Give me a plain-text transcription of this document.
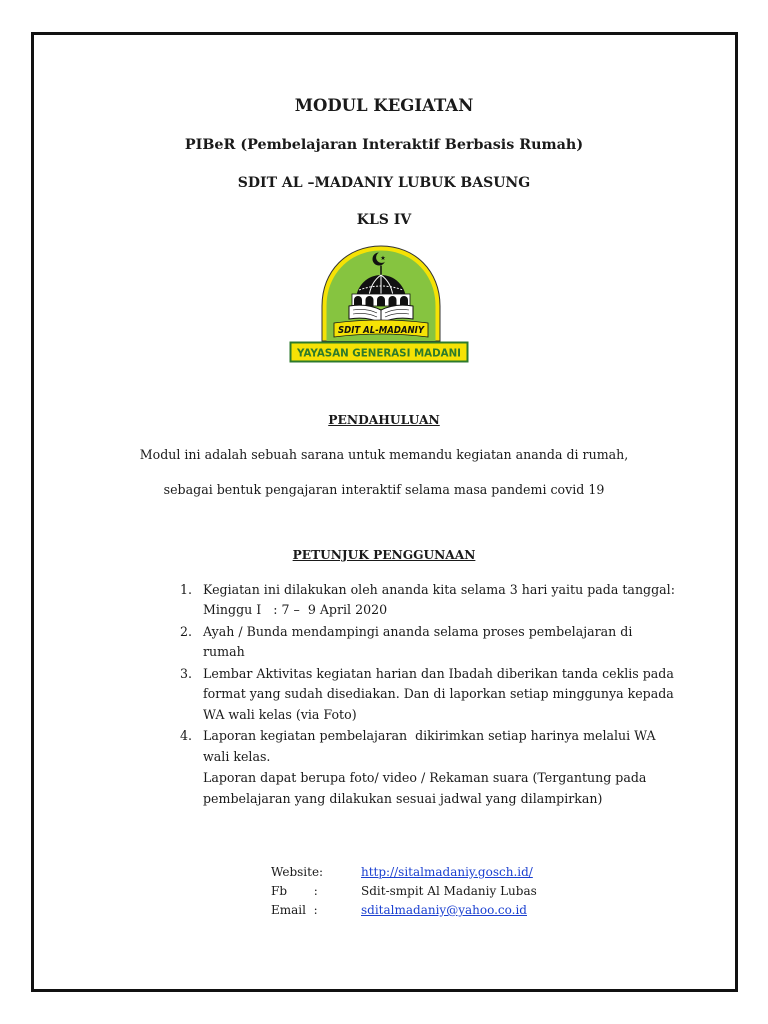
MODUL KEGIATAN
PIBeR (Pembelajaran Interaktif Berbasis Rumah)
SDIT AL –MADANIY LUBUK BASUNG
KLS IV
SDIT AL-MADANIY
YAYASAN GENERASI MADANI
PENDAHULUAN
Modul ini adalah sebuah sarana untuk memandu kegiatan ananda di rumah,
sebagai bentuk pengajaran interaktif selama masa pandemi covid 19
PETUNJUK PENGGUNAAN
1. Kegiatan ini dilakukan oleh ananda kita selama 3 hari yaitu pada tanggal:
Minggu I   : 7 –  9 April 2020
2. Ayah / Bunda mendampingi ananda selama proses pembelajaran di
rumah
3. Lembar Aktivitas kegiatan harian dan Ibadah diberikan tanda ceklis pada
format yang sudah disediakan. Dan di laporkan setiap minggunya kepada
WA wali kelas (via Foto)
4. Laporan kegiatan pembelajaran  dikirimkan setiap harinya melalui WA
wali kelas.
Laporan dapat berupa foto/ video / Rekaman suara (Tergantung pada
pembelajaran yang dilakukan sesuai jadwal yang dilampirkan)
Website:	http://sitalmadaniy.gosch.id/
Fb       :	Sdit-smpit Al Madaniy Lubas
Email  :	sditalmadaniy@yahoo.co.id
